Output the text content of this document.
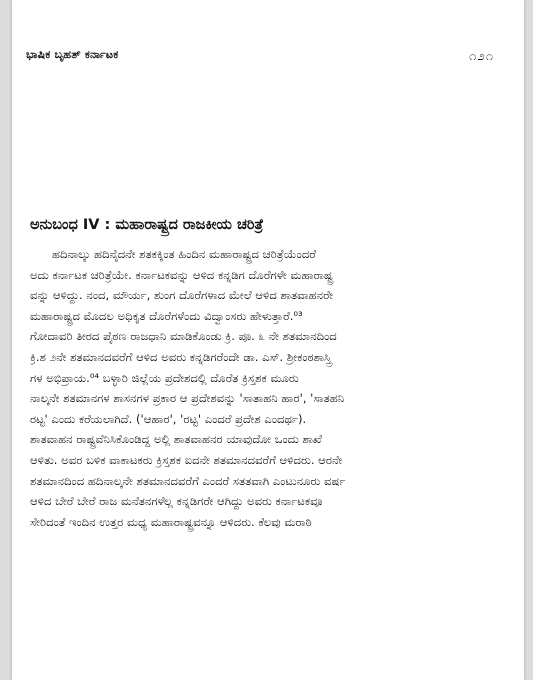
ಭಾಷಿಕ ಬೃಹತ್ ಕರ್ನಾಟಕ	೧೨೧
ಅನುಬಂಧ IV : ಮಹಾರಾಷ್ಟ್ರದ ರಾಜಕೀಯ ಚರಿತ್ರೆ
ಹದಿನಾಲ್ಕು ಹದಿನೈದನೇ ಶತಕಕ್ಕಿಂತ ಹಿಂದಿನ ಮಹಾರಾಷ್ಟ್ರದ ಚರಿತ್ರೆಯೆಂದರೆ
ಅದು ಕರ್ನಾಟಕ ಚರಿತ್ರೆಯೇ. ಕರ್ನಾಟಕವನ್ನು ಆಳಿದ ಕನ್ನಡಿಗ ದೊರೆಗಳೇ ಮಹಾರಾಷ್ಟ್ರ
ವನ್ನು ಆಳಿದ್ದು. ನಂದ, ಮೌರ್ಯ, ಶುಂಗ ದೊರೆಗಳಾದ ಮೇಲೆ ಆಳಿದ ಶಾತವಾಹನರೇ
ಮಹಾರಾಷ್ಟ್ರದ ಮೊದಲ ಅಧಿಕೃತ ದೊರೆಗಳೆಂದು ವಿದ್ವಾಂಸರು ಹೇಳುತ್ತಾರೆ.⁰³
ಗೋದಾವರಿ ತೀರದ ಪೈಠಣ ರಾಜಧಾನಿ ಮಾಡಿಕೊಂಡು ಕ್ರಿ. ಪೂ. ೩ ನೇ ಶತಮಾನದಿಂದ
ಕ್ರಿ.ಶ ೨ನೇ ಶತಮಾನದವರೆಗೆ ಆಳಿದ ಅವರು ಕನ್ನಡಿಗರೆಂದೇ ಡಾ. ಎಸ್. ಶ್ರೀಕಂಠಶಾಸ್ತ್ರಿ
ಗಳ ಅಭಿಪ್ರಾಯ.⁰⁴ ಬಳ್ಳಾರಿ ಜಿಲ್ಲೆಯ ಪ್ರದೇಶದಲ್ಲಿ ದೊರೆತ ಕ್ರಿಸ್ತಶಕ ಮೂರು
ನಾಲ್ಕನೇ ಶತಮಾನಗಳ ಶಾಸನಗಳ ಪ್ರಕಾರ ಆ ಪ್ರದೇಶವನ್ನು 'ಸಾತಾಹನಿ ಹಾರ', 'ಸಾತಹನಿ
ರಟ್ಟ' ಎಂದು ಕರೆಯಲಾಗಿದೆ. ('ಆಹಾರ', 'ರಟ್ಟ' ಎಂದರೆ ಪ್ರದೇಶ ಎಂದರ್ಥ).
ಶಾತವಾಹನ ರಾಷ್ಟ್ರವೆನಿಸಿಕೊಂಡಿದ್ದ ಅಲ್ಲಿ ಶಾತವಾಹನರ ಯಾವುದೋ ಒಂದು ಶಾಖೆ
ಆಳಿತು. ಅವರ ಬಳಿಕ ವಾಕಾಟಕರು ಕ್ರಿಸ್ತಶಕ ಐದನೇ ಶತಮಾನದವರೆಗೆ ಆಳಿದರು. ಆರನೇ
ಶತಮಾನದಿಂದ ಹದಿನಾಲ್ಕನೇ ಶತಮಾನದವರೆಗೆ ಎಂದರೆ ಸತತವಾಗಿ ಎಂಟುನೂರು ವರ್ಷ
ಆಳಿದ ಬೇರೆ ಬೇರೆ ರಾಜ ಮನೆತನಗಳೆಲ್ಲ ಕನ್ನಡಿಗರೇ ಆಗಿದ್ದು ಅವರು ಕರ್ನಾಟಕವೂ
ಸೇರಿದಂತೆ ಇಂದಿನ ಉತ್ತರ ಮಧ್ಯ ಮಹಾರಾಷ್ಟ್ರವನ್ನೂ ಆಳಿದರು. ಕೆಲವು ಮರಾಠಿ
